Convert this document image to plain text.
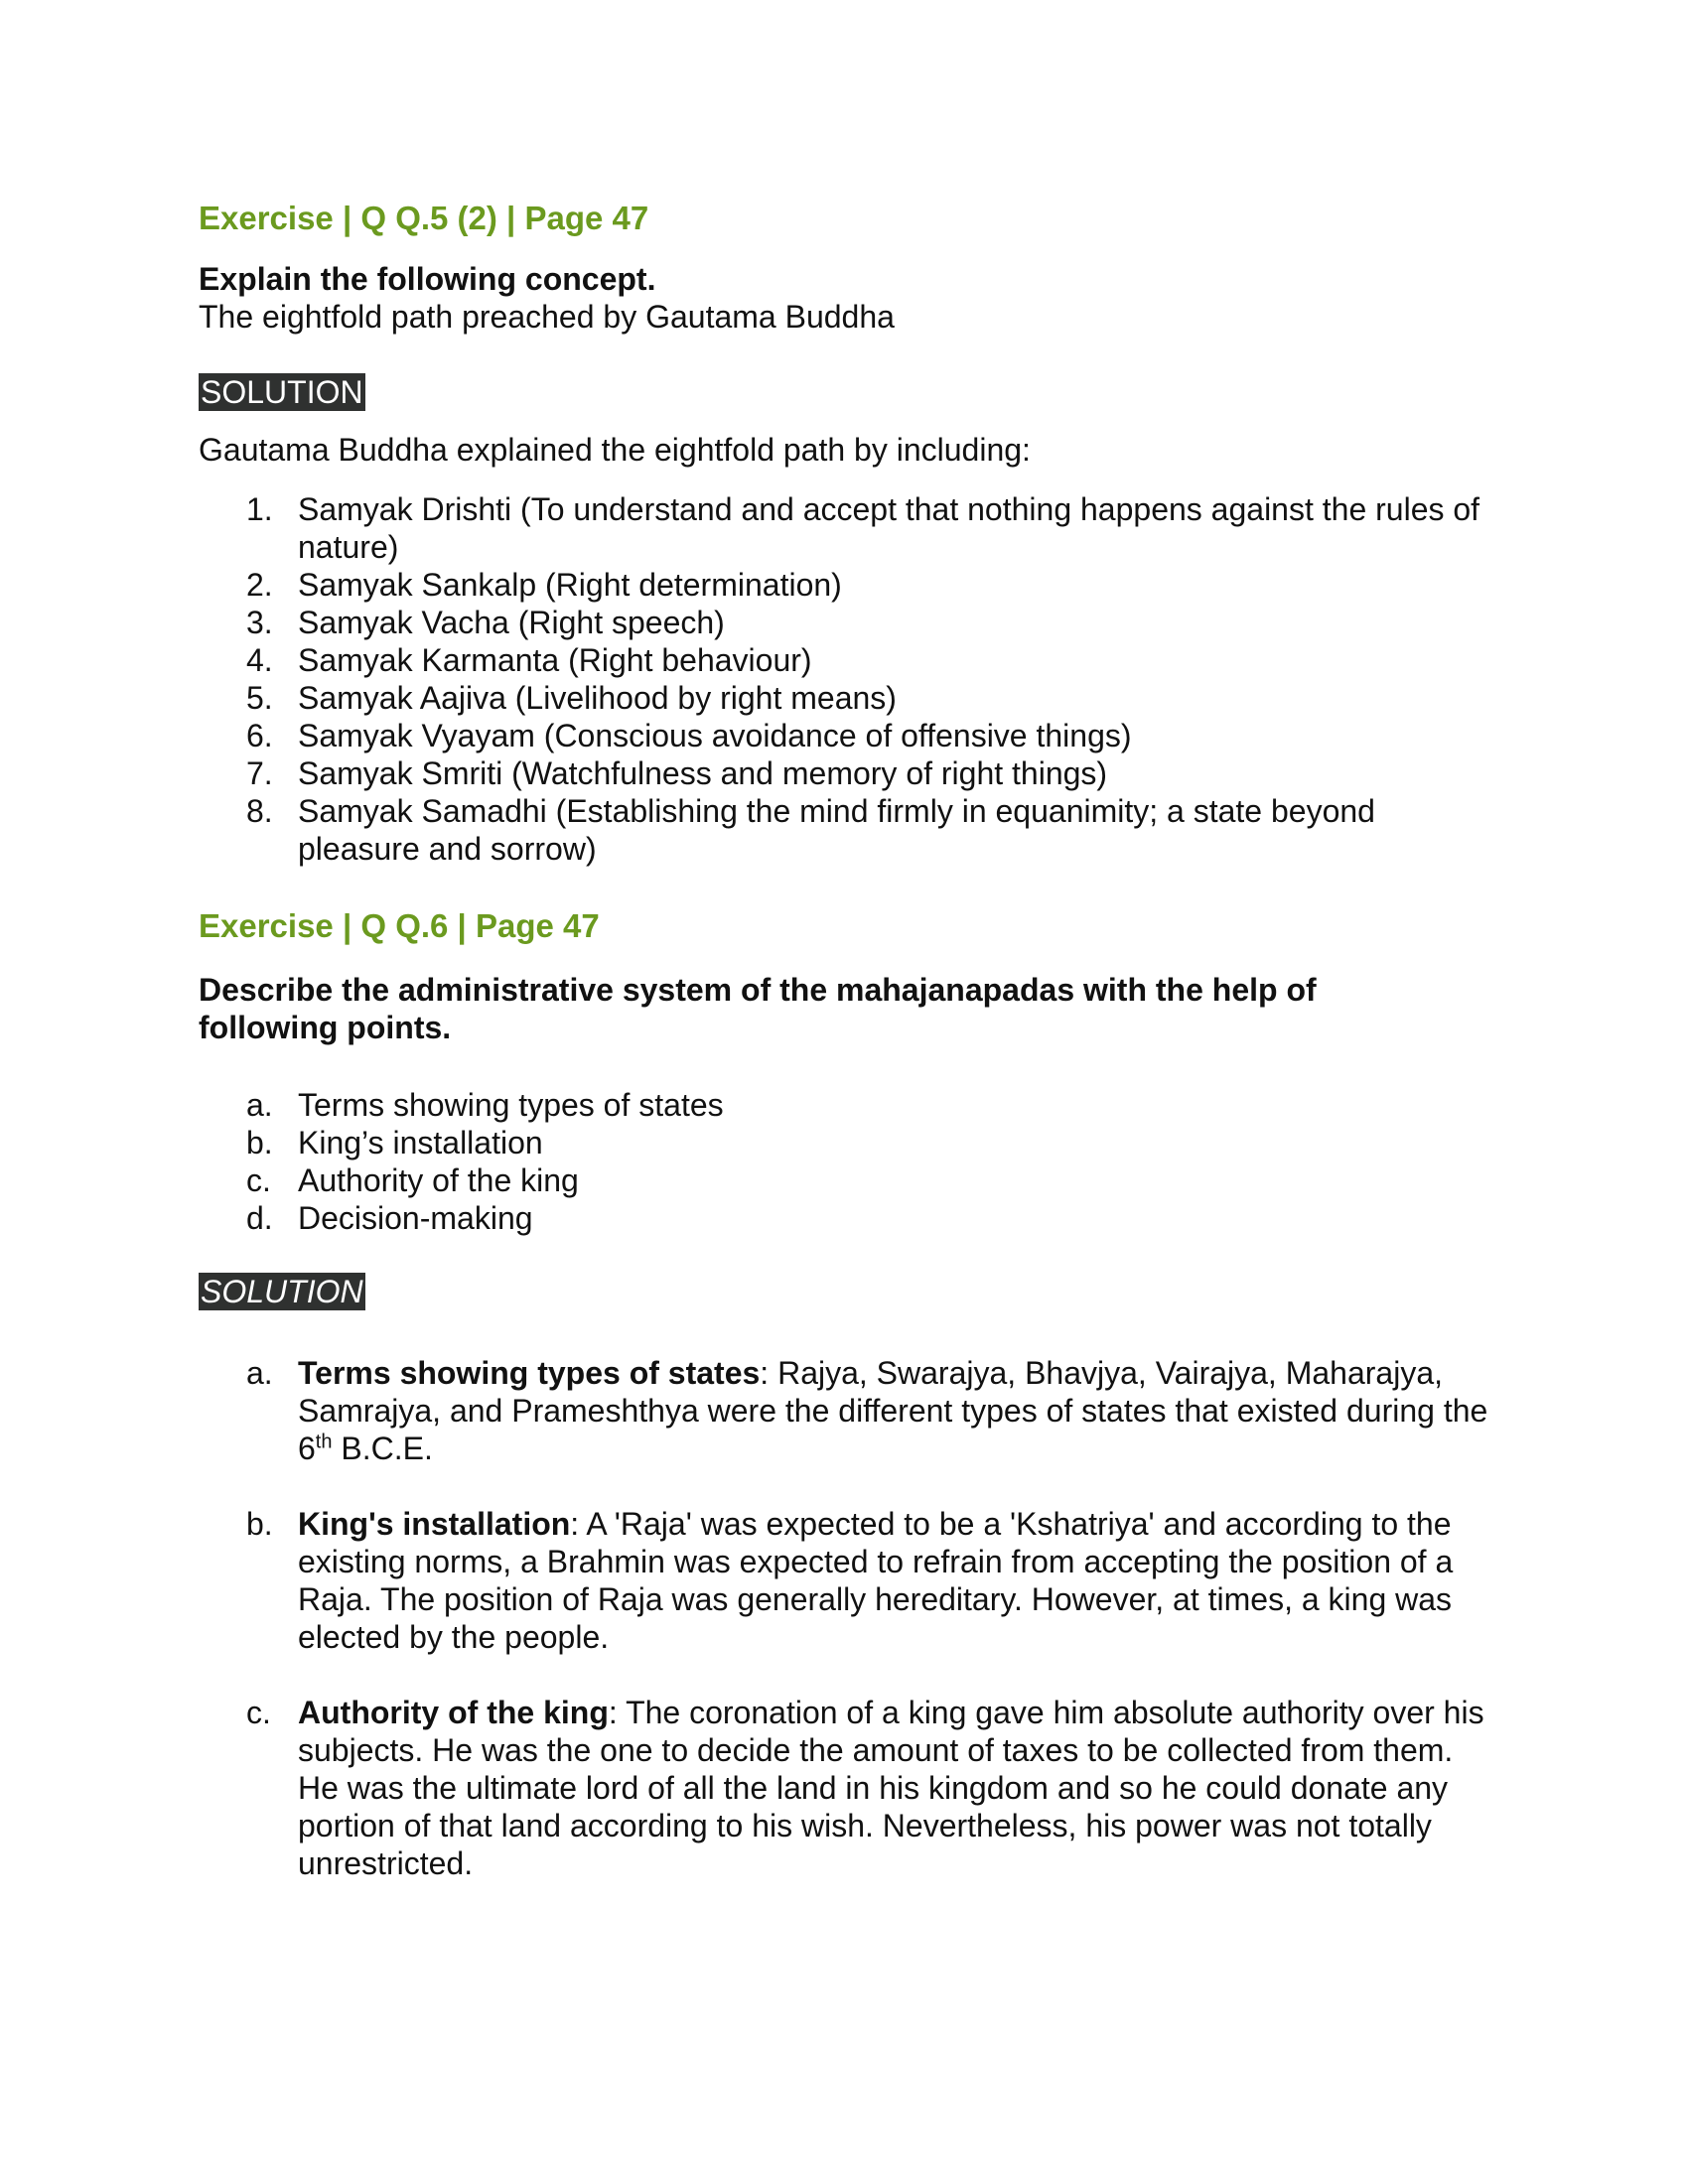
Exercise | Q Q.5 (2) | Page 47
Explain the following concept.
The eightfold path preached by Gautama Buddha
SOLUTION
Gautama Buddha explained the eightfold path by including:
1. Samyak Drishti (To understand and accept that nothing happens against the rules of nature)
2. Samyak Sankalp (Right determination)
3. Samyak Vacha (Right speech)
4. Samyak Karmanta (Right behaviour)
5. Samyak Aajiva (Livelihood by right means)
6. Samyak Vyayam (Conscious avoidance of offensive things)
7. Samyak Smriti (Watchfulness and memory of right things)
8. Samyak Samadhi (Establishing the mind firmly in equanimity; a state beyond pleasure and sorrow)
Exercise | Q Q.6 | Page 47
Describe the administrative system of the mahajanapadas with the help of following points.
a. Terms showing types of states
b. King’s installation
c. Authority of the king
d. Decision-making
SOLUTION
a. Terms showing types of states: Rajya, Swarajya, Bhavjya, Vairajya, Maharajya, Samrajya, and Prameshthya were the different types of states that existed during the 6th B.C.E.
b. King's installation: A 'Raja' was expected to be a 'Kshatriya' and according to the existing norms, a Brahmin was expected to refrain from accepting the position of a Raja. The position of Raja was generally hereditary. However, at times, a king was elected by the people.
c. Authority of the king: The coronation of a king gave him absolute authority over his subjects. He was the one to decide the amount of taxes to be collected from them. He was the ultimate lord of all the land in his kingdom and so he could donate any portion of that land according to his wish. Nevertheless, his power was not totally unrestricted.
